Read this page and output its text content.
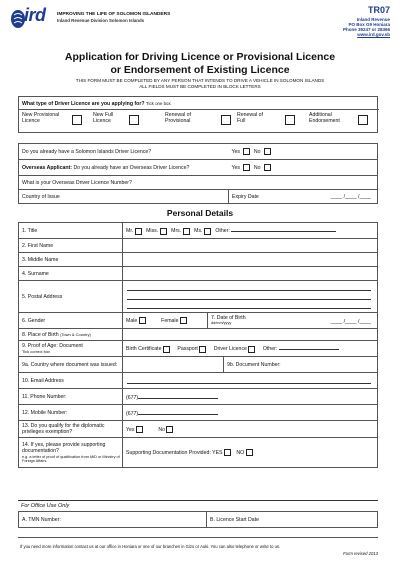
ird IMPROVING THE LIFE OF SOLOMON ISLANDERS
Inland Revenue Division Solomon Islands
TR07
Inland Revenue
PO Box G9 Honiara
Phone 39247 or 28366
www.ird.gov.sb
Application for Driving Licence or Provisional Licence
or Endorsement of Existing Licence
THIS FORM MUST BE COMPLETED BY ANY PERSON THAT INTENDS TO DRIVE A VEHICLE IN SOLOMON ISLANDS
ALL FIELDS MUST BE COMPLETED IN BLOCK LETTERS
What type of Driver Licence are you applying for? Tick one box
New Provisional Licence
New Full Licence
Renewal of Provisional
Renewal of Full
Additional Endorsement
Do you already have a Solomon Islands Driver Licence?	Yes No
Overseas Applicant: Do you already have an Overseas Driver Licence?	Yes No
What is your Overseas Driver Licence Number?	
Country of Issue	Expiry Date ____ /____ /____
Personal Details
1. Title	Mr. Miss. Mrs. Ms. Other:
2. First Name	
3. Middle Name	
4. Surname	
5. Postal Address	

6. Gender	Male Female 7. Date of Birth
dd/mm/yyyy ____ /____ /____

8. Place of Birth (Town & Country)	

9. Proof of Age: Document
Tick correct box	Birth Certificate Passport Driver Licence Other:
9a. Country where document was issued:	9b. Document Number:

10. Email Address	

11. Phone Number:	(677)
12. Mobile Number:	(677)
13. Do you qualify for the diplomatic privileges exemption?	Yes No

14. If yes, please provide supporting documentation?
e.g. a letter of proof of qualification from MID or Ministry of Foreign Affairs	Supporting Documentation Provided: YES NO
For Office Use Only
A. TMN Number:	B. Licence Start Date
If you need more information contact us at our office in Honiara or one of our branches in Gizo or Auki. You can also telephone or write to us.
Form revised 2013
